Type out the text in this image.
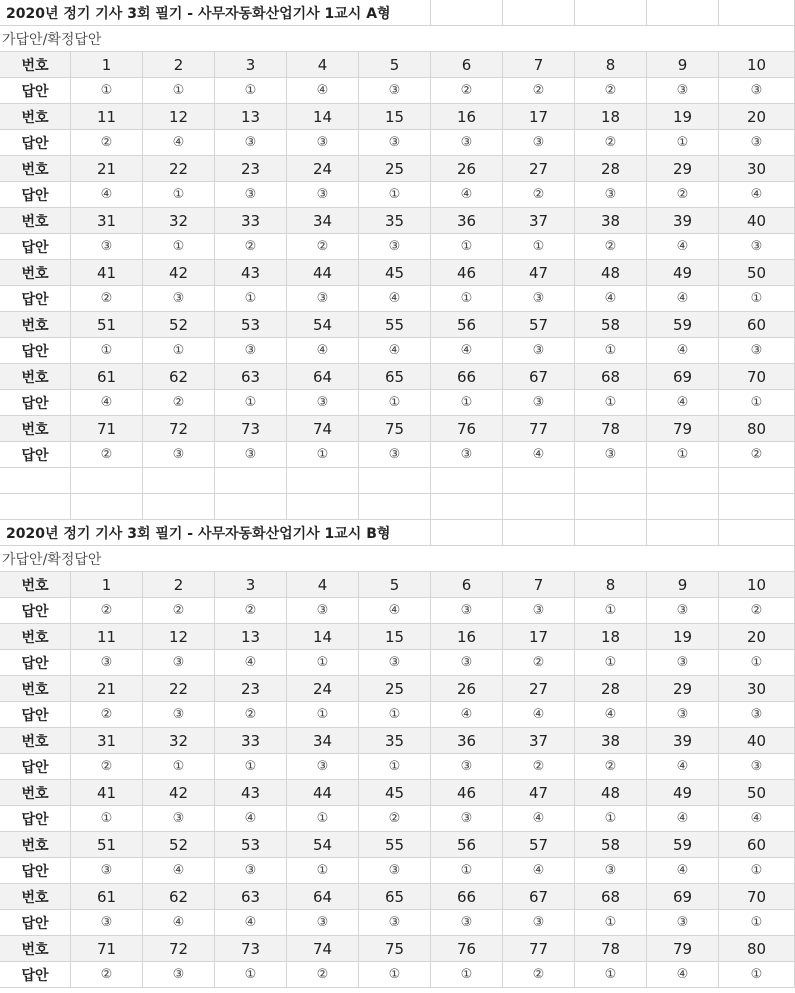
2020년 정기 기사 3회 필기 - 사무자동화산업기사 1교시 A형
가답안/확정답안
번호	1	2	3	4	5	6	7	8	9	10
답안	①	①	①	④	③	②	②	②	③	③
번호	11	12	13	14	15	16	17	18	19	20
답안	②	④	③	③	③	③	③	②	①	③
번호	21	22	23	24	25	26	27	28	29	30
답안	④	①	③	③	①	④	②	③	②	④
번호	31	32	33	34	35	36	37	38	39	40
답안	③	①	②	②	③	①	①	②	④	③
번호	41	42	43	44	45	46	47	48	49	50
답안	②	③	①	③	④	①	③	④	④	①
번호	51	52	53	54	55	56	57	58	59	60
답안	①	①	③	④	④	④	③	①	④	③
번호	61	62	63	64	65	66	67	68	69	70
답안	④	②	①	③	①	①	③	①	④	①
번호	71	72	73	74	75	76	77	78	79	80
답안	②	③	③	①	③	③	④	③	①	②
2020년 정기 기사 3회 필기 - 사무자동화산업기사 1교시 B형
가답안/확정답안
번호	1	2	3	4	5	6	7	8	9	10
답안	②	②	②	③	④	③	③	①	③	②
번호	11	12	13	14	15	16	17	18	19	20
답안	③	③	④	①	③	③	②	①	③	①
번호	21	22	23	24	25	26	27	28	29	30
답안	②	③	②	①	①	④	④	④	③	③
번호	31	32	33	34	35	36	37	38	39	40
답안	②	①	①	③	①	③	②	②	④	③
번호	41	42	43	44	45	46	47	48	49	50
답안	①	③	④	①	②	③	④	①	④	④
번호	51	52	53	54	55	56	57	58	59	60
답안	③	④	③	①	③	①	④	③	④	①
번호	61	62	63	64	65	66	67	68	69	70
답안	③	④	④	③	③	③	③	①	③	①
번호	71	72	73	74	75	76	77	78	79	80
답안	②	③	①	②	①	①	②	①	④	①
